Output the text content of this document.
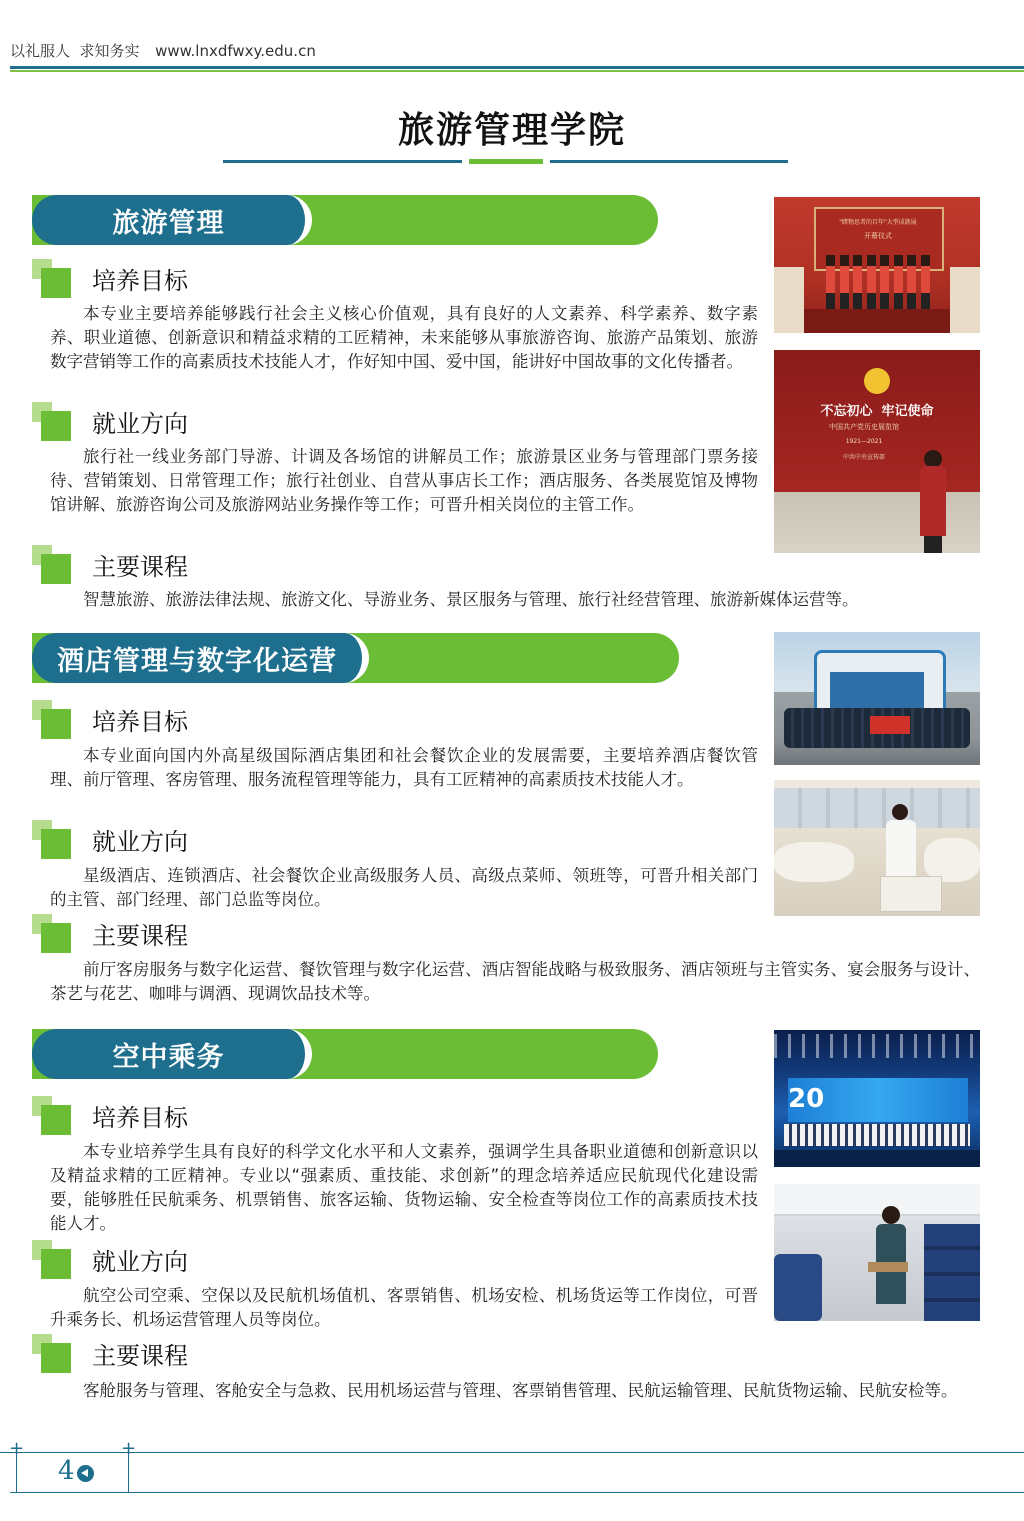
以礼服人  求知务实 www.lnxdfwxy.edu.cn
旅游管理学院
旅游管理
培养目标
本专业主要培养能够践行社会主义核心价值观，具有良好的人文素养、科学素养、数字素养、职业道德、创新意识和精益求精的工匠精神，未来能够从事旅游咨询、旅游产品策划、旅游数字营销等工作的高素质技术技能人才，作好知中国、爱中国，能讲好中国故事的文化传播者。
就业方向
旅行社一线业务部门导游、计调及各场馆的讲解员工作；旅游景区业务与管理部门票务接待、营销策划、日常管理工作；旅行社创业、自营从事店长工作；酒店服务、各类展览馆及博物馆讲解、旅游咨询公司及旅游网站业务操作等工作；可晋升相关岗位的主管工作。
主要课程
智慧旅游、旅游法律法规、旅游文化、导游业务、景区服务与管理、旅行社经营管理、旅游新媒体运营等。
"睹物思者的百年"大型成就展
开幕仪式
不忘初心  牢记使命
中国共产党历史展览馆
1921—2021
中共中央宣传部
酒店管理与数字化运营
培养目标
本专业面向国内外高星级国际酒店集团和社会餐饮企业的发展需要，主要培养酒店餐饮管理、前厅管理、客房管理、服务流程管理等能力，具有工匠精神的高素质技术技能人才。
就业方向
星级酒店、连锁酒店、社会餐饮企业高级服务人员、高级点菜师、领班等，可晋升相关部门的主管、部门经理、部门总监等岗位。
主要课程
前厅客房服务与数字化运营、餐饮管理与数字化运营、酒店智能战略与极致服务、酒店领班与主管实务、宴会服务与设计、茶艺与花艺、咖啡与调酒、现调饮品技术等。
空中乘务
培养目标
本专业培养学生具有良好的科学文化水平和人文素养，强调学生具备职业道德和创新意识以及精益求精的工匠精神。专业以“强素质、重技能、求创新”的理念培养适应民航现代化建设需要，能够胜任民航乘务、机票销售、旅客运输、货物运输、安全检查等岗位工作的高素质技术技能人才。
就业方向
航空公司空乘、空保以及民航机场值机、客票销售、机场安检、机场货运等工作岗位，可晋升乘务长、机场运营管理人员等岗位。
主要课程
客舱服务与管理、客舱安全与急救、民用机场运营与管理、客票销售管理、民航运输管理、民航货物运输、民航安检等。
20
+	+
4
